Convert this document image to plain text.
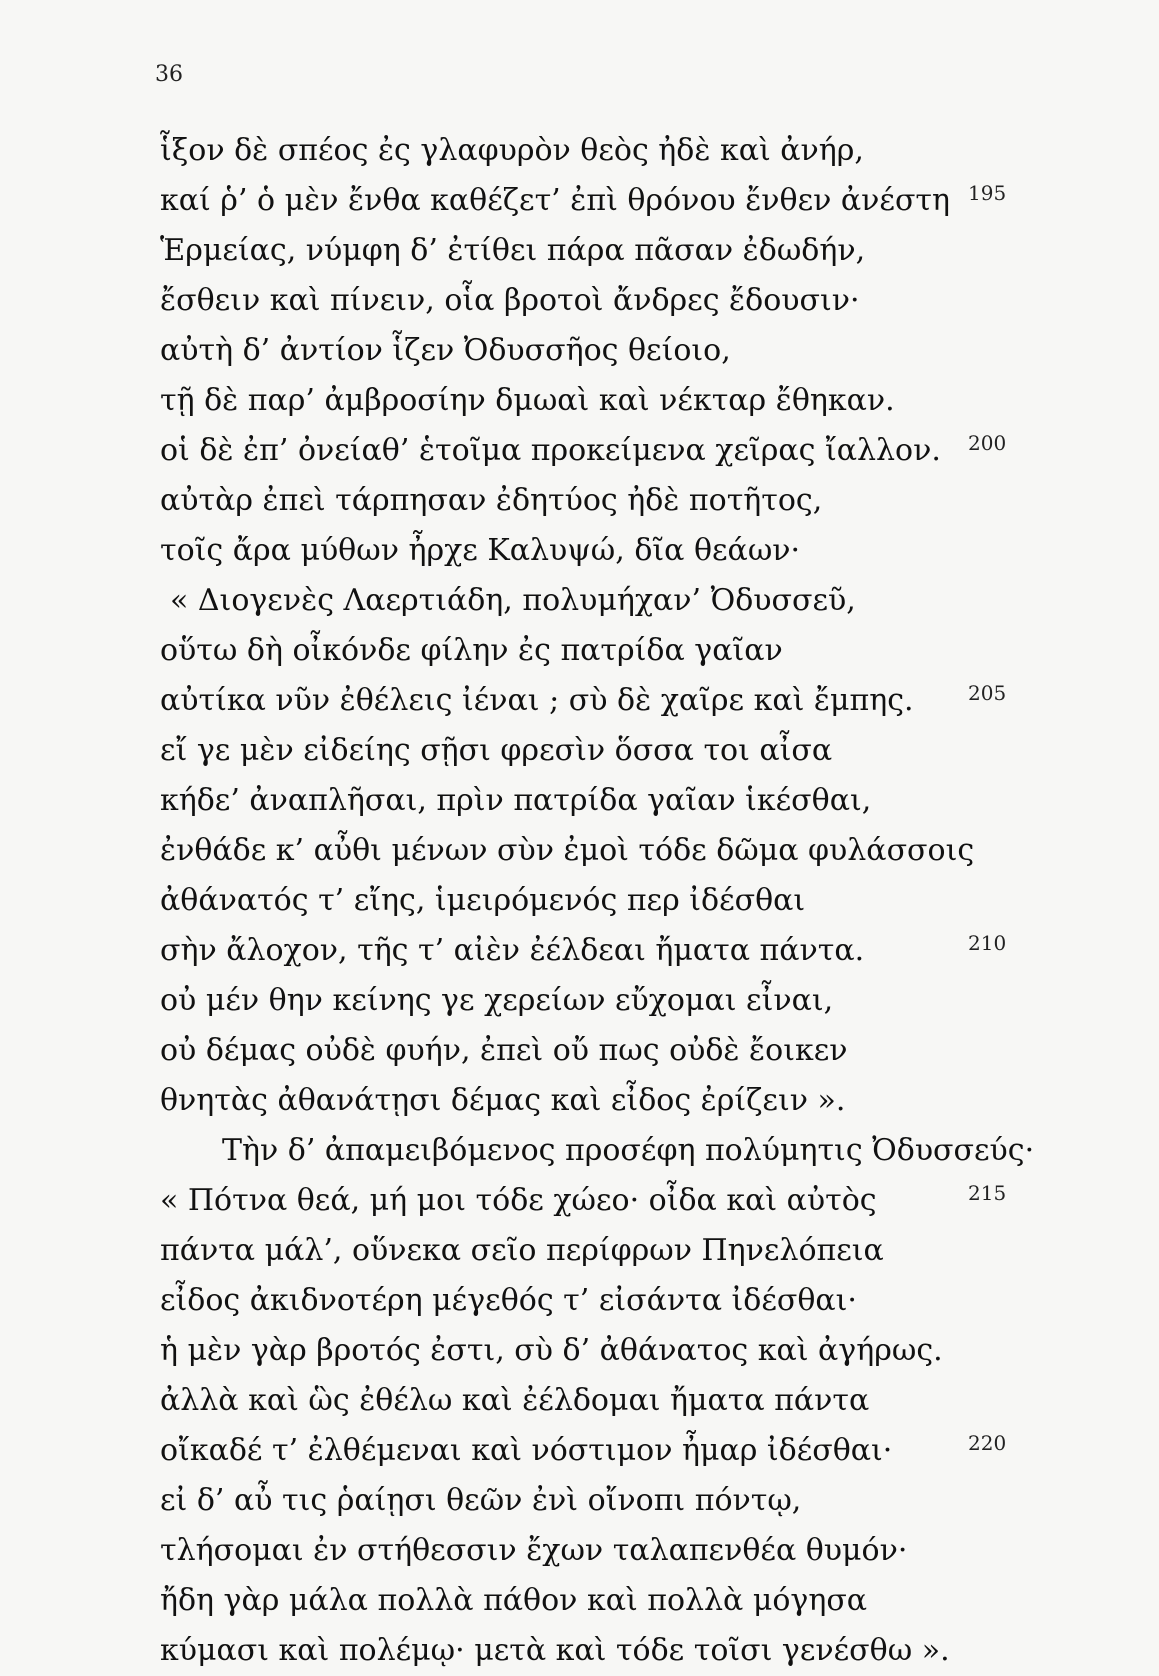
36
ἷξον δὲ σπέος ἐς γλαφυρὸν θεὸς ἠδὲ καὶ ἀνήρ,
καί ῥ’ ὁ μὲν ἔνθα καθέζετ’ ἐπὶ θρόνου ἔνθεν ἀνέστη 195
Ἑρμείας, νύμφη δ’ ἐτίθει πάρα πᾶσαν ἐδωδήν,
ἔσθειν καὶ πίνειν, οἷα βροτοὶ ἄνδρες ἔδουσιν·
αὐτὴ δ’ ἀντίον ἷζεν Ὀδυσσῆος θείοιο,
τῇ δὲ παρ’ ἀμβροσίην δμωαὶ καὶ νέκταρ ἔθηκαν.
οἱ δὲ ἐπ’ ὀνείαθ’ ἑτοῖμα προκείμενα χεῖρας ἴαλλον. 200
αὐτὰρ ἐπεὶ τάρπησαν ἐδητύος ἠδὲ ποτῆτος,
τοῖς ἄρα μύθων ἦρχε Καλυψώ, δῖα θεάων·
« Διογενὲς Λαερτιάδη, πολυμήχαν’ Ὀδυσσεῦ,
οὕτω δὴ οἶκόνδε φίλην ἐς πατρίδα γαῖαν
αὐτίκα νῦν ἐθέλεις ἰέναι ; σὺ δὲ χαῖρε καὶ ἔμπης.	205
εἴ γε μὲν εἰδείης σῇσι φρεσὶν ὅσσα τοι αἶσα
κήδε’ ἀναπλῆσαι, πρὶν πατρίδα γαῖαν ἱκέσθαι,
ἐνθάδε κ’ αὖθι μένων σὺν ἐμοὶ τόδε δῶμα φυλάσσοις
ἀθάνατός τ’ εἴης, ἱμειρόμενός περ ἰδέσθαι
σὴν ἄλοχον, τῆς τ’ αἰὲν ἐέλδεαι ἤματα πάντα.	210
οὐ μέν θην κείνης γε χερείων εὔχομαι εἶναι,
οὐ δέμας οὐδὲ φυήν, ἐπεὶ οὔ πως οὐδὲ ἔοικεν
θνητὰς ἀθανάτῃσι δέμας καὶ εἶδος ἐρίζειν ».
Τὴν δ’ ἀπαμειβόμενος προσέφη πολύμητις Ὀδυσσεύς·
« Πότνα θεά, μή μοι τόδε χώεο· οἶδα καὶ αὐτὸς	215
πάντα μάλ’, οὕνεκα σεῖο περίφρων Πηνελόπεια
εἶδος ἀκιδνοτέρη μέγεθός τ’ εἰσάντα ἰδέσθαι·
ἡ μὲν γὰρ βροτός ἐστι, σὺ δ’ ἀθάνατος καὶ ἀγήρως.
ἀλλὰ καὶ ὣς ἐθέλω καὶ ἐέλδομαι ἤματα πάντα
οἴκαδέ τ’ ἐλθέμεναι καὶ νόστιμον ἦμαρ ἰδέσθαι·	220
εἰ δ’ αὖ τις ῥαίῃσι θεῶν ἐνὶ οἴνοπι πόντῳ,
τλήσομαι ἐν στήθεσσιν ἔχων ταλαπενθέα θυμόν·
ἤδη γὰρ μάλα πολλὰ πάθον καὶ πολλὰ μόγησα
κύμασι καὶ πολέμῳ· μετὰ καὶ τόδε τοῖσι γενέσθω ».
